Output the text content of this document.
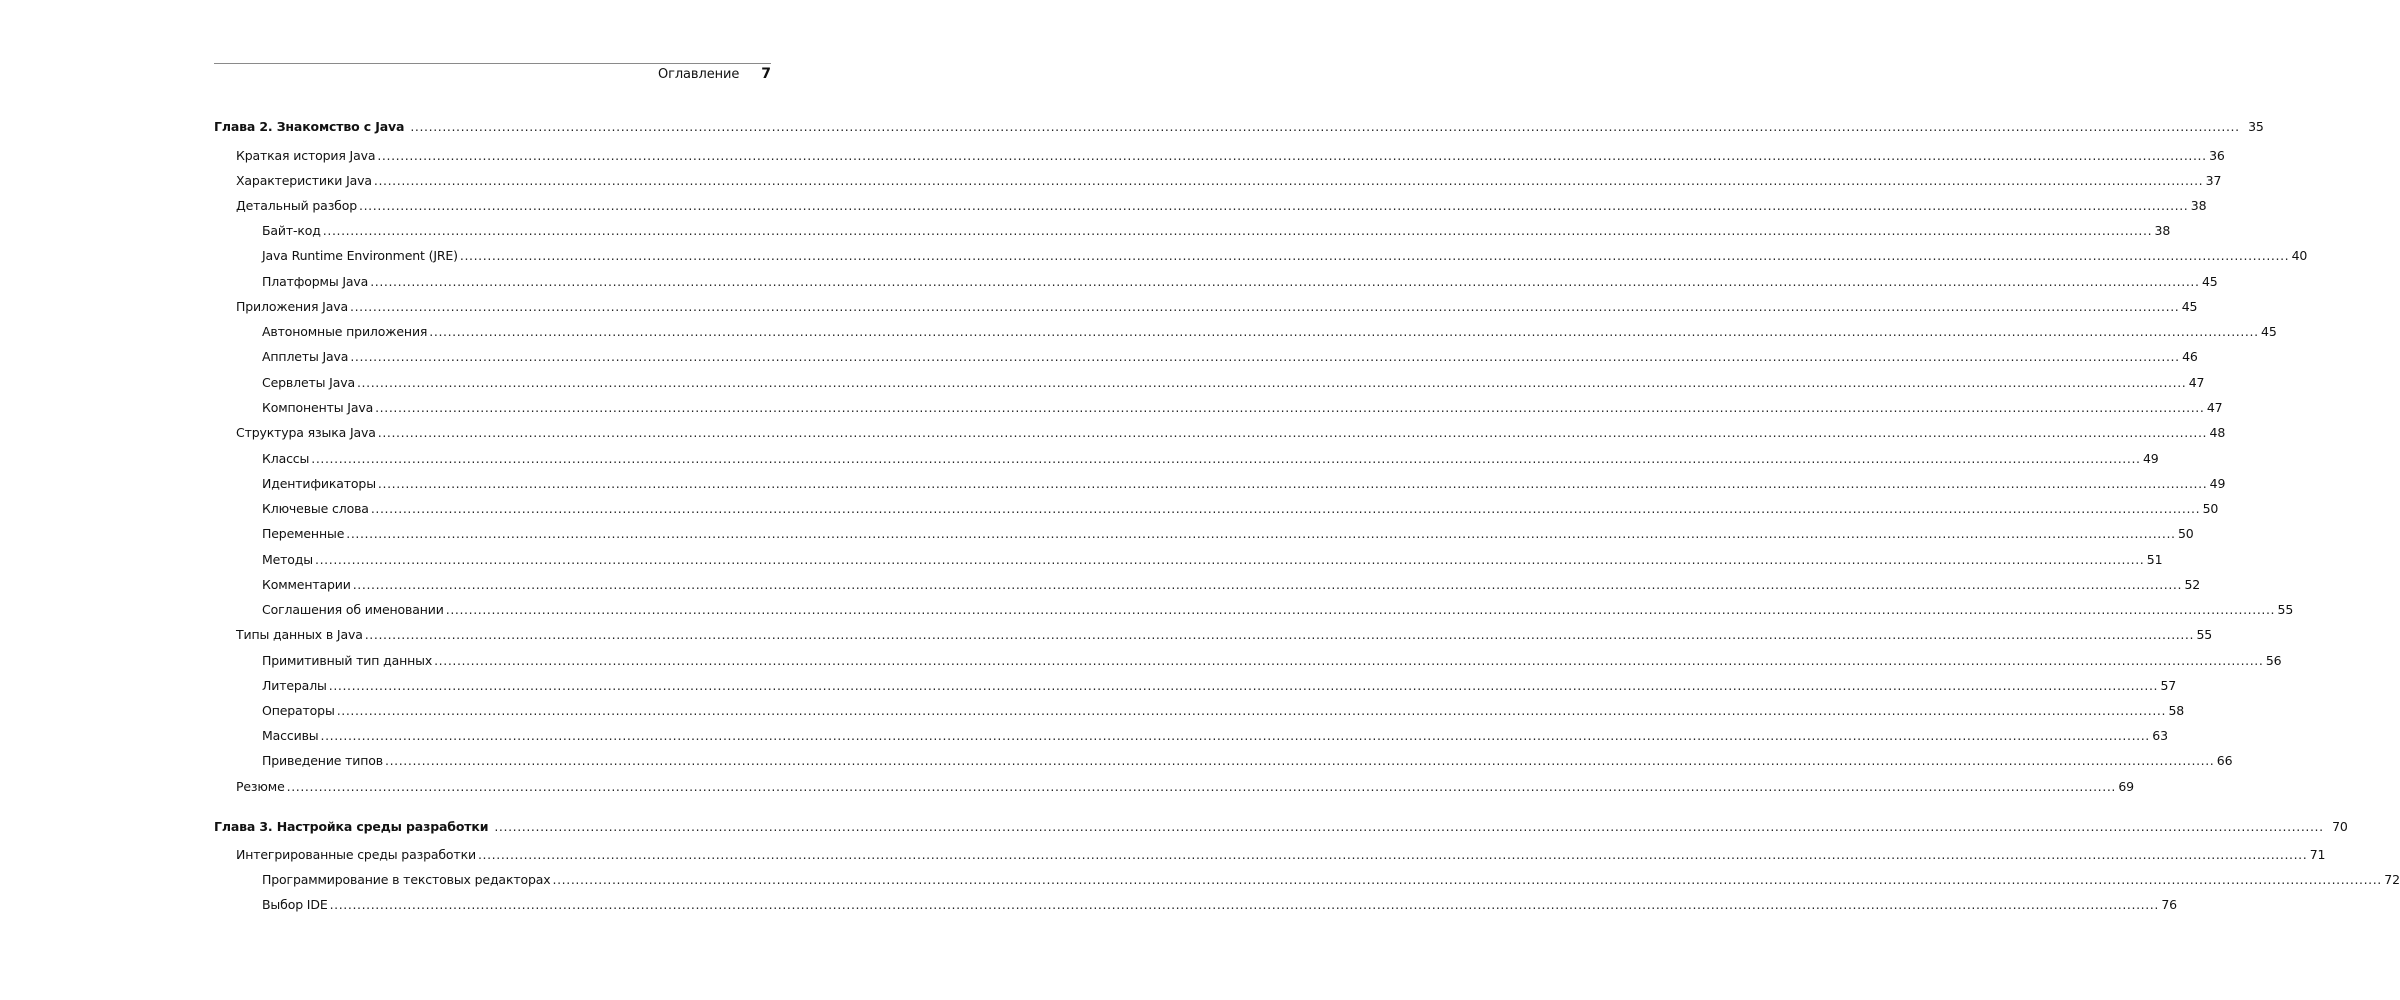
Оглавление 7
Глава 2. Знакомство с Java ................................................................................................................................................................................................................................................................................................................................................................................................................ 35
Краткая история Java ................................................................................................................................................................................................................................................................................................................................................................................................................ 36
Характеристики Java ................................................................................................................................................................................................................................................................................................................................................................................................................ 37
Детальный разбор ................................................................................................................................................................................................................................................................................................................................................................................................................ 38
Байт-код ................................................................................................................................................................................................................................................................................................................................................................................................................ 38
Java Runtime Environment (JRE) ................................................................................................................................................................................................................................................................................................................................................................................................................ 40
Платформы Java ................................................................................................................................................................................................................................................................................................................................................................................................................ 45
Приложения Java ................................................................................................................................................................................................................................................................................................................................................................................................................ 45
Автономные приложения ................................................................................................................................................................................................................................................................................................................................................................................................................ 45
Апплеты Java ................................................................................................................................................................................................................................................................................................................................................................................................................ 46
Сервлеты Java ................................................................................................................................................................................................................................................................................................................................................................................................................ 47
Компоненты Java ................................................................................................................................................................................................................................................................................................................................................................................................................ 47
Структура языка Java ................................................................................................................................................................................................................................................................................................................................................................................................................ 48
Классы ................................................................................................................................................................................................................................................................................................................................................................................................................ 49
Идентификаторы ................................................................................................................................................................................................................................................................................................................................................................................................................ 49
Ключевые слова ................................................................................................................................................................................................................................................................................................................................................................................................................ 50
Переменные ................................................................................................................................................................................................................................................................................................................................................................................................................ 50
Методы ................................................................................................................................................................................................................................................................................................................................................................................................................ 51
Комментарии ................................................................................................................................................................................................................................................................................................................................................................................................................ 52
Соглашения об именовании ................................................................................................................................................................................................................................................................................................................................................................................................................ 55
Типы данных в Java ................................................................................................................................................................................................................................................................................................................................................................................................................ 55
Примитивный тип данных ................................................................................................................................................................................................................................................................................................................................................................................................................ 56
Литералы ................................................................................................................................................................................................................................................................................................................................................................................................................ 57
Операторы ................................................................................................................................................................................................................................................................................................................................................................................................................ 58
Массивы ................................................................................................................................................................................................................................................................................................................................................................................................................ 63
Приведение типов ................................................................................................................................................................................................................................................................................................................................................................................................................ 66
Резюме ................................................................................................................................................................................................................................................................................................................................................................................................................ 69
Глава 3. Настройка среды разработки ................................................................................................................................................................................................................................................................................................................................................................................................................ 70
Интегрированные среды разработки ................................................................................................................................................................................................................................................................................................................................................................................................................ 71
Программирование в текстовых редакторах ................................................................................................................................................................................................................................................................................................................................................................................................................ 72
Выбор IDE ................................................................................................................................................................................................................................................................................................................................................................................................................ 76
